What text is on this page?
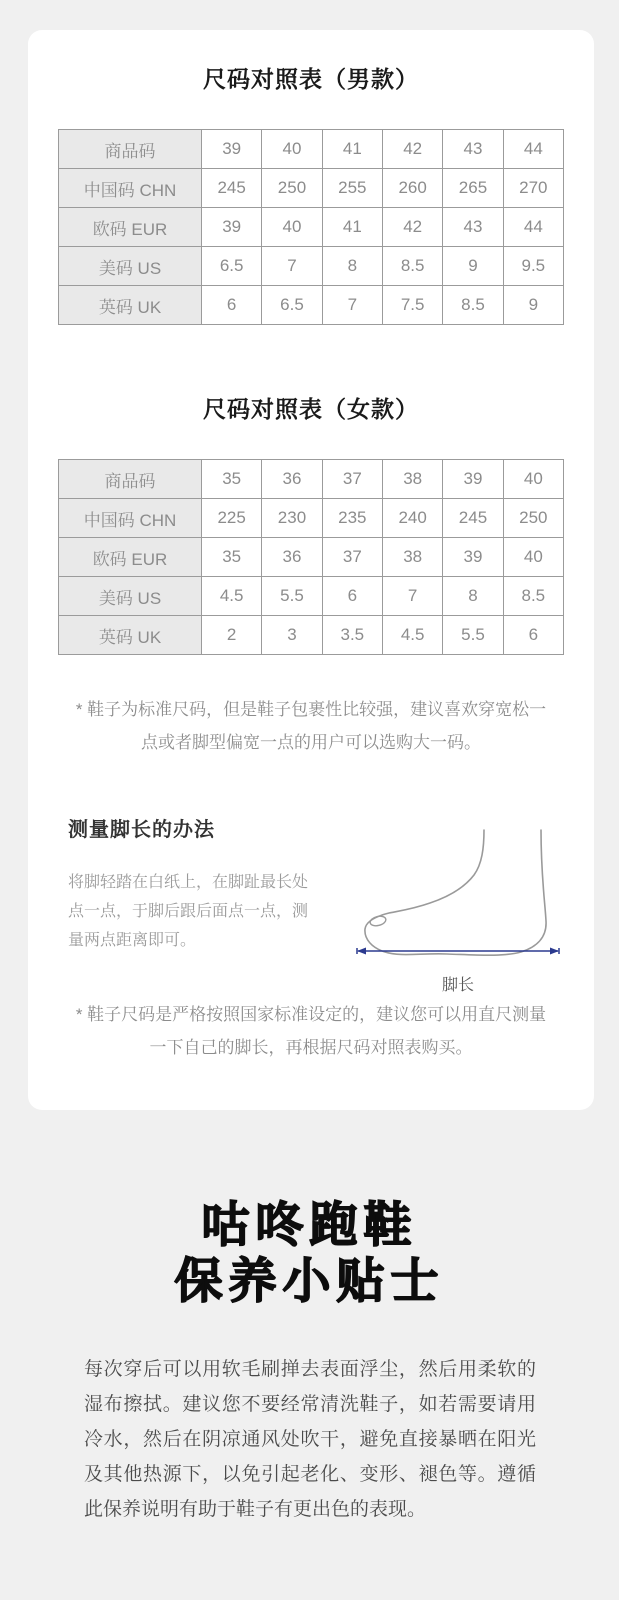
尺码对照表（男款）
商品码	39	40	41	42	43	44
中国码 CHN	245	250	255	260	265	270
欧码 EUR	39	40	41	42	43	44
美码 US	6.5	7	8	8.5	9	9.5
英码 UK	6	6.5	7	7.5	8.5	9
尺码对照表（女款）
商品码	35	36	37	38	39	40
中国码 CHN	225	230	235	240	245	250
欧码 EUR	35	36	37	38	39	40
美码 US	4.5	5.5	6	7	8	8.5
英码 UK	2	3	3.5	4.5	5.5	6
* 鞋子为标准尺码，但是鞋子包裹性比较强，建议喜欢穿宽松一点或者脚型偏宽一点的用户可以选购大一码。
测量脚长的办法
将脚轻踏在白纸上，在脚趾最长处点一点，于脚后跟后面点一点，测量两点距离即可。
脚长
* 鞋子尺码是严格按照国家标准设定的，建议您可以用直尺测量一下自己的脚长，再根据尺码对照表购买。
咕咚跑鞋
保养小贴士
每次穿后可以用软毛刷掸去表面浮尘，然后用柔软的湿布擦拭。建议您不要经常清洗鞋子，如若需要请用冷水，然后在阴凉通风处吹干，避免直接暴晒在阳光及其他热源下，以免引起老化、变形、褪色等。遵循此保养说明有助于鞋子有更出色的表现。
